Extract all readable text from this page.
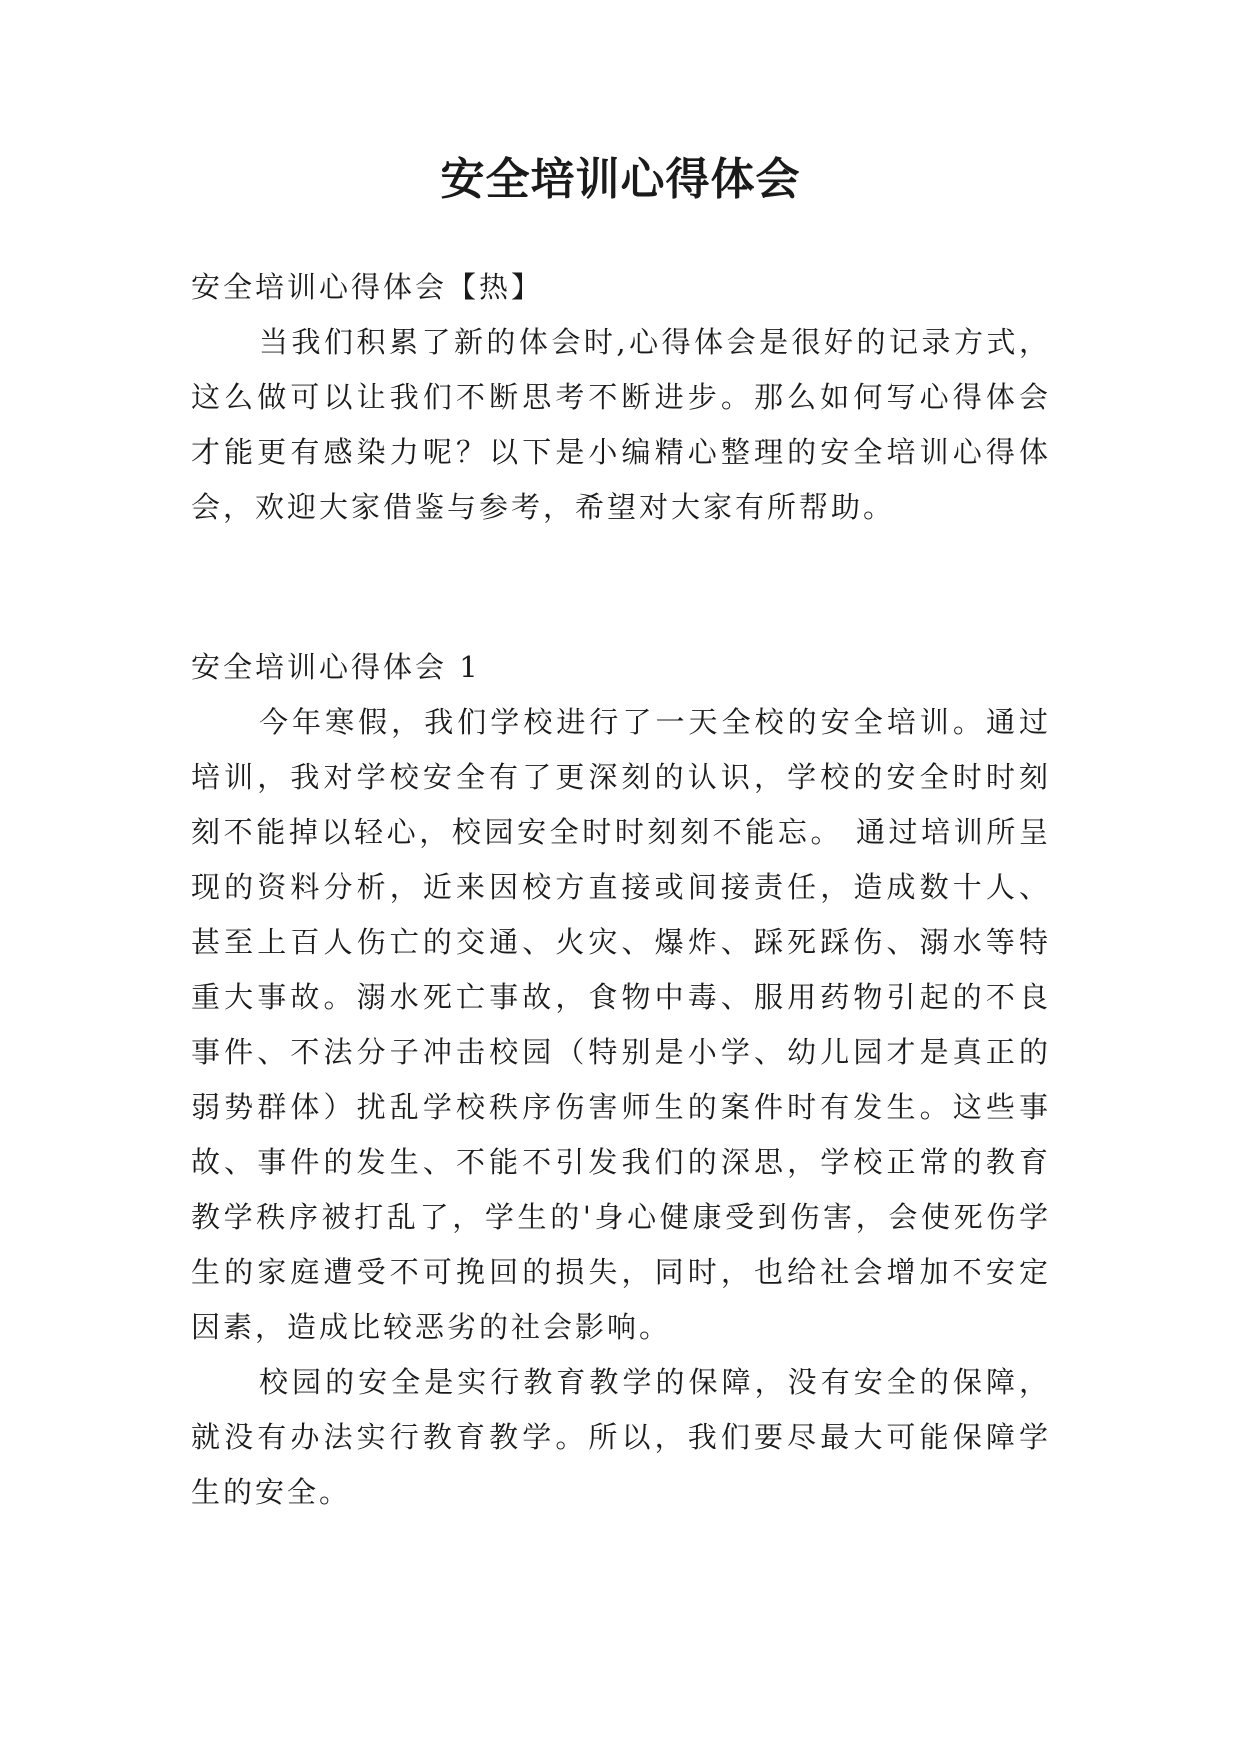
安全培训心得体会
安全培训心得体会【热】

当我们积累了新的体会时,心得体会是很好的记录方式，这么做可以让我们不断思考不断进步。那么如何写心得体会才能更有感染力呢？以下是小编精心整理的安全培训心得体会，欢迎大家借鉴与参考，希望对大家有所帮助。

安全培训心得体会 1

今年寒假，我们学校进行了一天全校的安全培训。通过培训，我对学校安全有了更深刻的认识，学校的安全时时刻刻不能掉以轻心，校园安全时时刻刻不能忘。 通过培训所呈现的资料分析，近来因校方直接或间接责任，造成数十人、甚至上百人伤亡的交通、火灾、爆炸、踩死踩伤、溺水等特重大事故。溺水死亡事故，食物中毒、服用药物引起的不良事件、不法分子冲击校园（特别是小学、幼儿园才是真正的弱势群体）扰乱学校秩序伤害师生的案件时有发生。这些事故、事件的发生、不能不引发我们的深思，学校正常的教育教学秩序被打乱了，学生的'身心健康受到伤害，会使死伤学生的家庭遭受不可挽回的损失，同时，也给社会增加不安定因素，造成比较恶劣的社会影响。

校园的安全是实行教育教学的保障，没有安全的保障，就没有办法实行教育教学。所以，我们要尽最大可能保障学生的安全。
